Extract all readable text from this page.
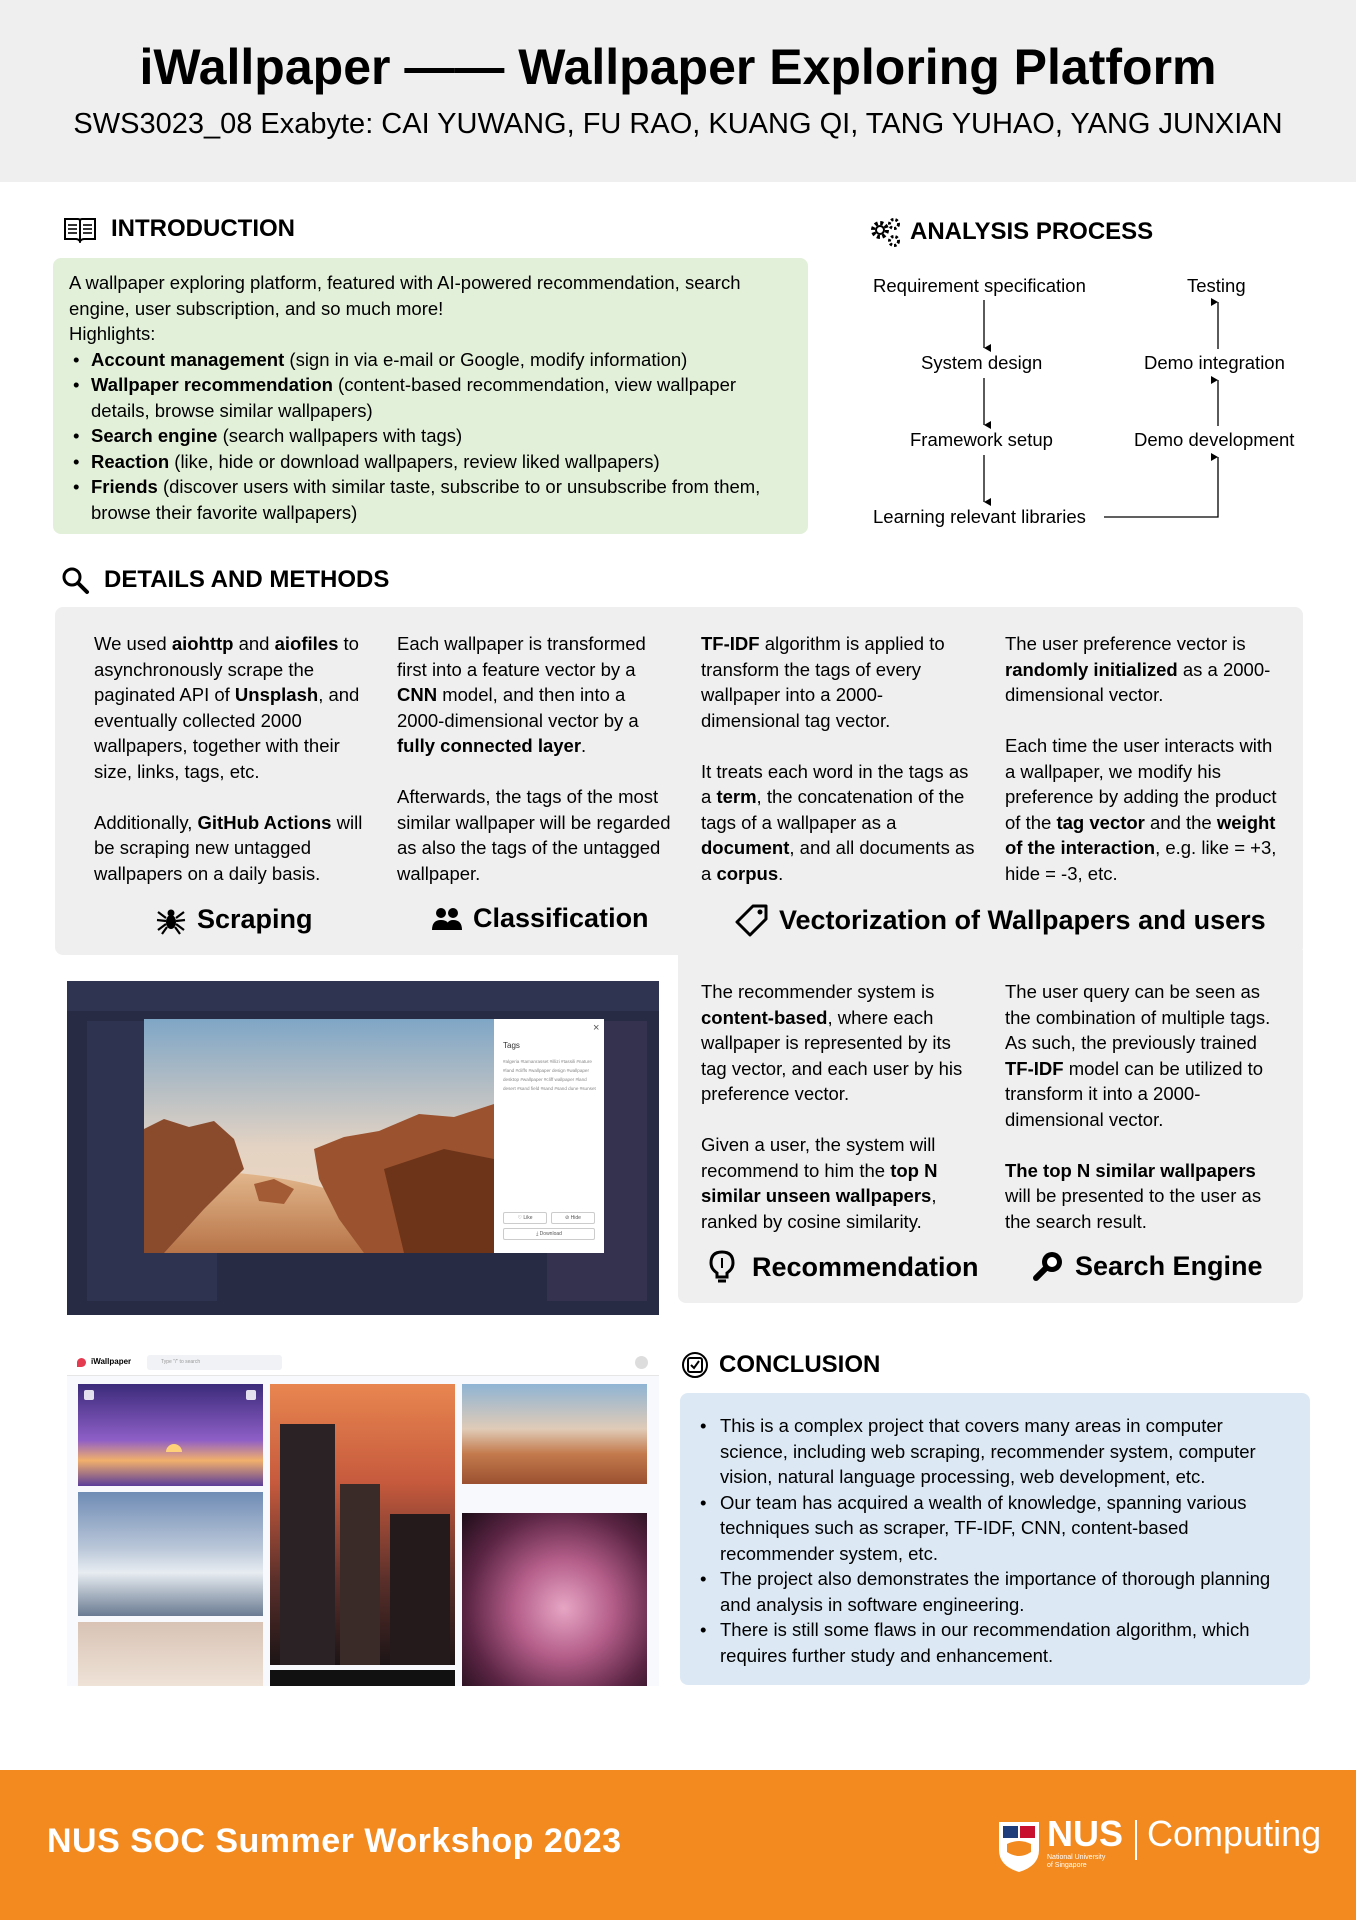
iWallpaper —— Wallpaper Exploring Platform
SWS3023_08 Exabyte: CAI YUWANG, FU RAO, KUANG QI, TANG YUHAO, YANG JUNXIAN
INTRODUCTION
A wallpaper exploring platform, featured with AI-powered recommendation, search engine, user subscription, and so much more!
Highlights:
• Account management (sign in via e-mail or Google, modify information)
• Wallpaper recommendation (content-based recommendation, view wallpaper details, browse similar wallpapers)
• Search engine (search wallpapers with tags)
• Reaction (like, hide or download wallpapers, review liked wallpapers)
• Friends (discover users with similar taste, subscribe to or unsubscribe from them, browse their favorite wallpapers)
ANALYSIS PROCESS
Requirement specification
System design
Framework setup
Learning relevant libraries
Testing
Demo integration
Demo development
DETAILS AND METHODS

We used aiohttp and aiofiles to asynchronously scrape the paginated API of Unsplash, and eventually collected 2000 wallpapers, together with their size, links, tags, etc.

Additionally, GitHub Actions will be scraping new untagged wallpapers on a daily basis.

Each wallpaper is transformed first into a feature vector by a CNN model, and then into a 2000-dimensional vector by a fully connected layer.

Afterwards, the tags of the most similar wallpaper will be regarded as also the tags of the untagged wallpaper.

TF-IDF algorithm is applied to transform the tags of every wallpaper into a 2000-dimensional tag vector.

It treats each word in the tags as a term, the concatenation of the tags of a wallpaper as a document, and all documents as a corpus.

The user preference vector is randomly initialized as a 2000-dimensional vector.

Each time the user interacts with a wallpaper, we modify his preference by adding the product of the tag vector and the weight of the interaction, e.g. like = +3, hide = -3, etc.

Scraping	Classification	Vectorization of Wallpapers and users

The recommender system is content-based, where each wallpaper is represented by its tag vector, and each user by his preference vector.

Given a user, the system will recommend to him the top N similar unseen wallpapers, ranked by cosine similarity.

The user query can be seen as the combination of multiple tags. As such, the previously trained TF-IDF model can be utilized to transform it into a 2000-dimensional vector.

The top N similar wallpapers will be presented to the user as the search result.

Recommendation	Search Engine
×
Tags
#algeria #tamanrasset #illizi #tassili #nature #land #cliffs #wallpaper design #wallpaper desktop #wallpaper #cliff wallpaper #land desert #sand field #sand #sand dune #sunset
♡ Like	⊘ Hide
⤓ Download
iWallpaper	Type "/" to search	CONCLUSION
• This is a complex project that covers many areas in computer science, including web scraping, recommender system, computer vision, natural language processing, web development, etc.
• Our team has acquired a wealth of knowledge, spanning various techniques such as scraper, TF-IDF, CNN, content-based recommender system, etc.
• The project also demonstrates the importance of thorough planning and analysis in software engineering.
• There is still some flaws in our recommendation algorithm, which requires further study and enhancement.
NUS SOC Summer Workshop 2023	NUS
National University
of Singapore
Computing
